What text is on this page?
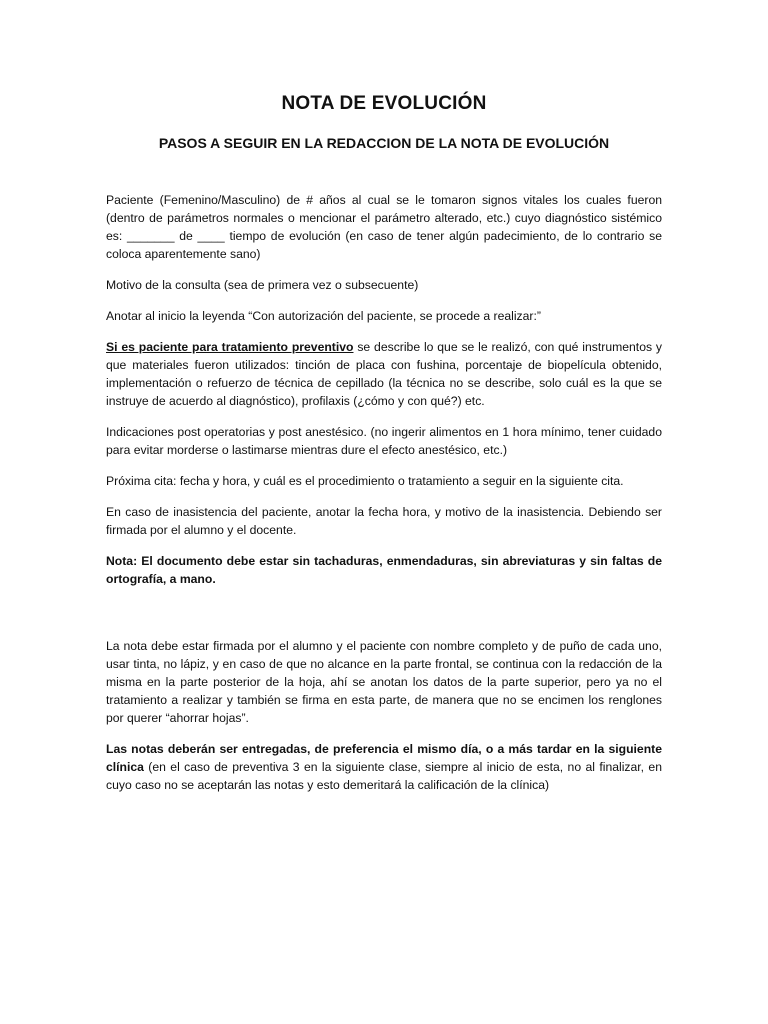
NOTA DE EVOLUCIÓN
PASOS A SEGUIR EN LA REDACCION DE LA NOTA DE EVOLUCIÓN

Paciente (Femenino/Masculino) de # años al cual se le tomaron signos vitales los cuales fueron (dentro de parámetros normales o mencionar el parámetro alterado, etc.) cuyo diagnóstico sistémico es: _______ de ____ tiempo de evolución (en caso de tener algún padecimiento, de lo contrario se coloca aparentemente sano)

Motivo de la consulta (sea de primera vez o subsecuente)

Anotar al inicio la leyenda “Con autorización del paciente, se procede a realizar:”

Si es paciente para tratamiento preventivo se describe lo que se le realizó, con qué instrumentos y que materiales fueron utilizados: tinción de placa con fushina, porcentaje de biopelícula obtenido, implementación o refuerzo de técnica de cepillado (la técnica no se describe, solo cuál es la que se instruye de acuerdo al diagnóstico), profilaxis (¿cómo y con qué?) etc.

Indicaciones post operatorias y post anestésico. (no ingerir alimentos en 1 hora mínimo, tener cuidado para evitar morderse o lastimarse mientras dure el efecto anestésico, etc.)

Próxima cita: fecha y hora, y cuál es el procedimiento o tratamiento a seguir en la siguiente cita.

En caso de inasistencia del paciente, anotar la fecha hora, y motivo de la inasistencia. Debiendo ser firmada por el alumno y el docente.

Nota: El documento debe estar sin tachaduras, enmendaduras, sin abreviaturas y sin faltas de ortografía, a mano.

La nota debe estar firmada por el alumno y el paciente con nombre completo y de puño de cada uno, usar tinta, no lápiz, y en caso de que no alcance en la parte frontal, se continua con la redacción de la misma en la parte posterior de la hoja, ahí se anotan los datos de la parte superior, pero ya no el tratamiento a realizar y también se firma en esta parte, de manera que no se encimen los renglones por querer “ahorrar hojas”.

Las notas deberán ser entregadas, de preferencia el mismo día, o a más tardar en la siguiente clínica (en el caso de preventiva 3 en la siguiente clase, siempre al inicio de esta, no al finalizar, en cuyo caso no se aceptarán las notas y esto demeritará la calificación de la clínica)
